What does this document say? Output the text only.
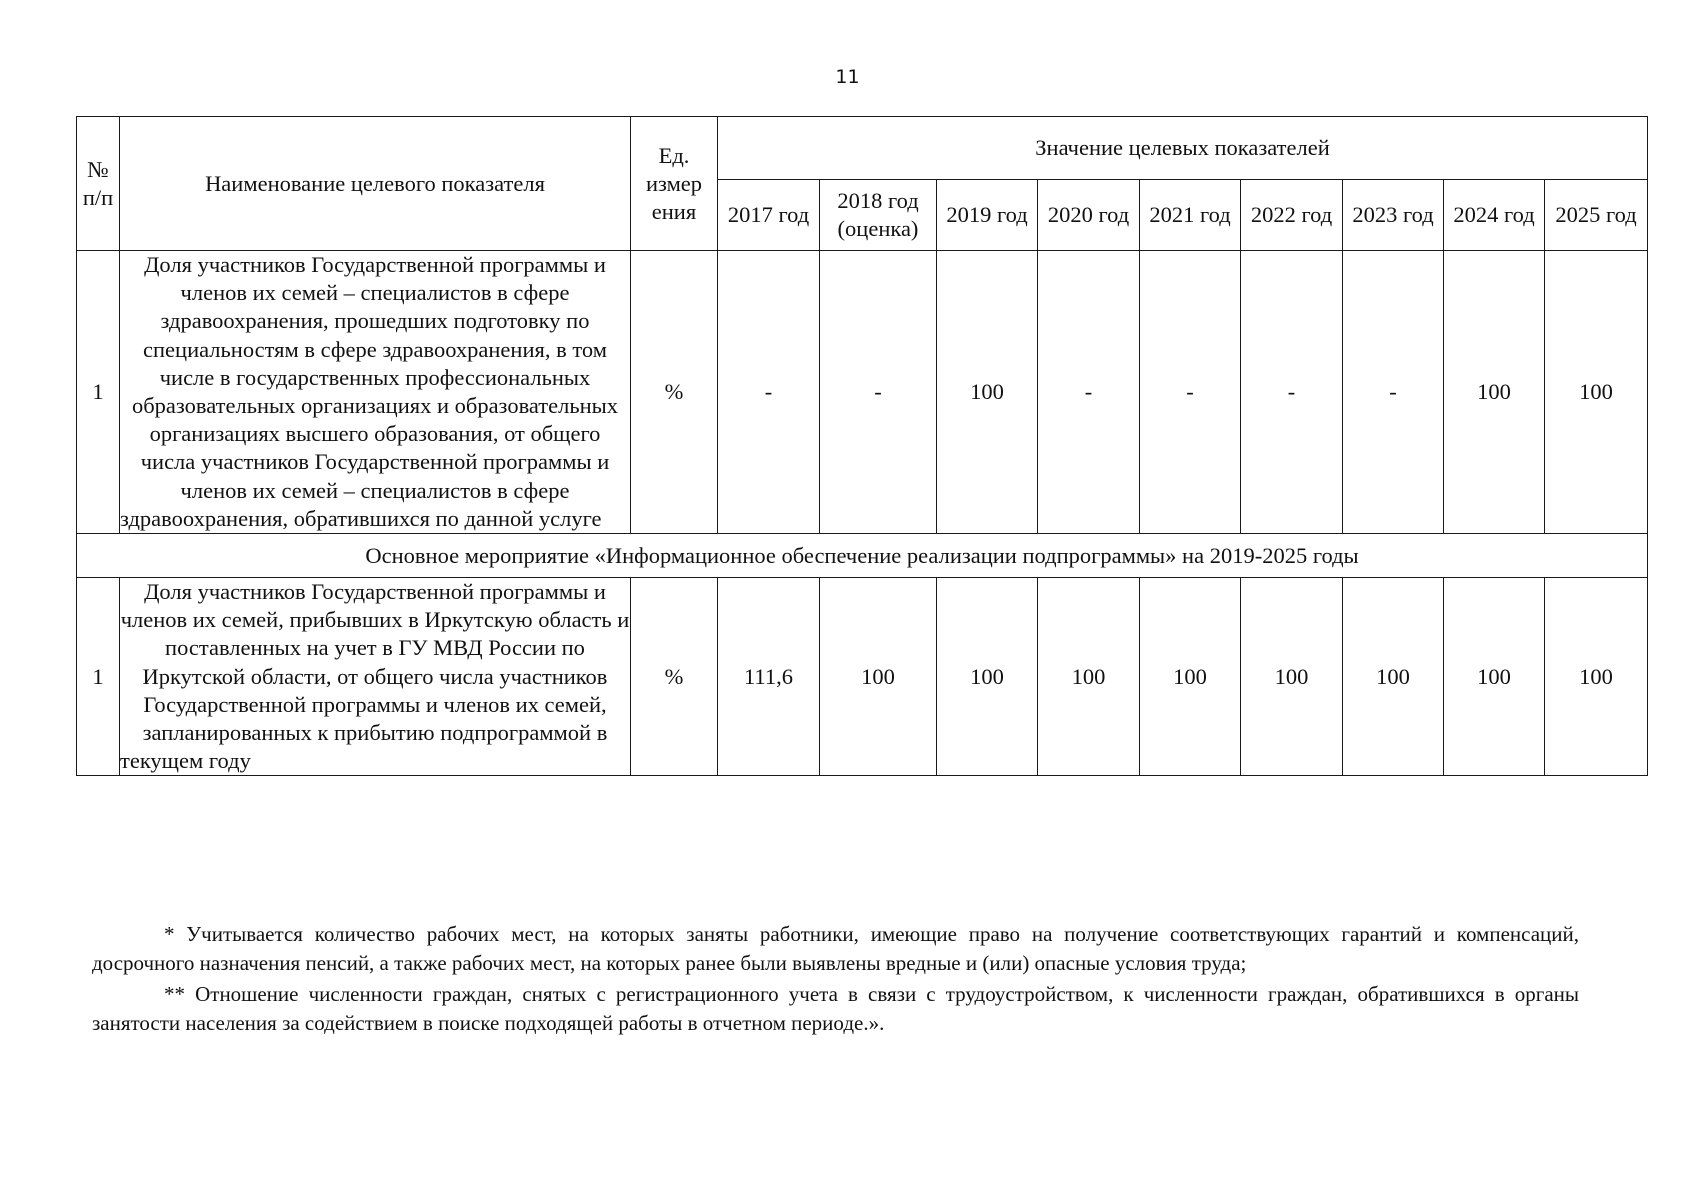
11
№ п/п	Наименование целевого показателя	Ед. измер ения	Значение целевых показателей								
			2017 год	2018 год (оценка)	2019 год	2020 год	2021 год	2022 год	2023 год	2024 год	2025 год
1	Доля участников Государственной программы и членов их семей – специалистов в сфере здравоохранения, прошедших подготовку по специальностям в сфере здравоохранения, в том числе в государственных профессиональных образовательных организациях и образовательных организациях высшего образования, от общего числа участников Государственной программы и членов их семей – специалистов в сфере здравоохранения, обратившихся по данной услуге	%	-	-	100	-	-	-	-	100	100
Основное мероприятие «Информационное обеспечение реализации подпрограммы» на 2019-2025 годы											
1	Доля участников Государственной программы и членов их семей, прибывших в Иркутскую область и поставленных на учет в ГУ МВД России по Иркутской области, от общего числа участников Государственной программы и членов их семей, запланированных к прибытию подпрограммой в текущем году	%	111,6	100	100	100	100	100	100	100	100

* Учитывается количество рабочих мест, на которых заняты работники, имеющие право на получение соответствующих гарантий и компенсаций, досрочного назначения пенсий, а также рабочих мест, на которых ранее были выявлены вредные и (или) опасные условия труда;

** Отношение численности граждан, снятых с регистрационного учета в связи с трудоустройством, к численности граждан, обратившихся в органы занятости населения за содействием в поиске подходящей работы в отчетном периоде.».
